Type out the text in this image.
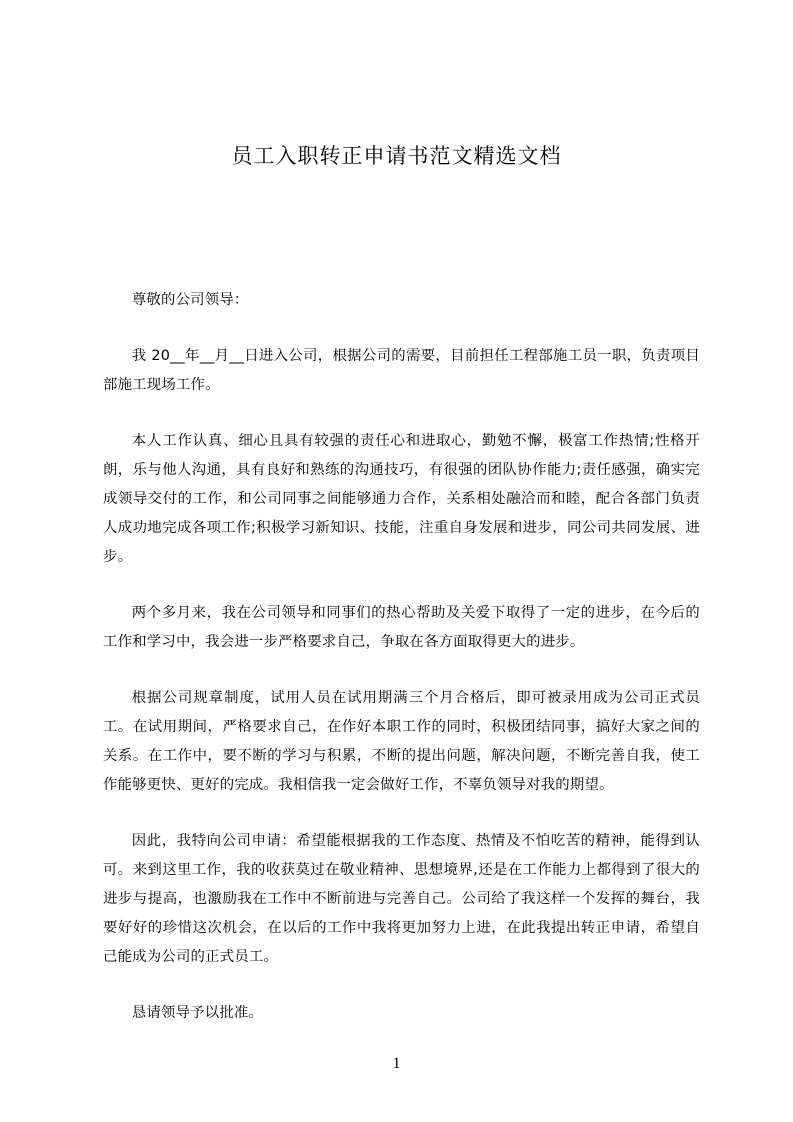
员工入职转正申请书范文精选文档

尊敬的公司领导：

我 20__年__月__日进入公司，根据公司的需要，目前担任工程部施工员一职，负责项目部施工现场工作。

本人工作认真、细心且具有较强的责任心和进取心，勤勉不懈，极富工作热情;性格开朗，乐与他人沟通，具有良好和熟练的沟通技巧，有很强的团队协作能力;责任感强，确实完成领导交付的工作，和公司同事之间能够通力合作，关系相处融洽而和睦，配合各部门负责人成功地完成各项工作;积极学习新知识、技能，注重自身发展和进步，同公司共同发展、进步。

两个多月来，我在公司领导和同事们的热心帮助及关爱下取得了一定的进步，在今后的工作和学习中，我会进一步严格要求自己，争取在各方面取得更大的进步。

根据公司规章制度，试用人员在试用期满三个月合格后，即可被录用成为公司正式员工。在试用期间，严格要求自己，在作好本职工作的同时，积极团结同事，搞好大家之间的关系。在工作中，要不断的学习与积累，不断的提出问题，解决问题，不断完善自我，使工作能够更快、更好的完成。我相信我一定会做好工作，不辜负领导对我的期望。

因此，我特向公司申请：希望能根据我的工作态度、热情及不怕吃苦的精神，能得到认可。来到这里工作，我的收获莫过在敬业精神、思想境界,还是在工作能力上都得到了很大的进步与提高，也激励我在工作中不断前进与完善自己。公司给了我这样一个发挥的舞台，我要好好的珍惜这次机会，在以后的工作中我将更加努力上进，在此我提出转正申请，希望自己能成为公司的正式员工。

恳请领导予以批准。

1
